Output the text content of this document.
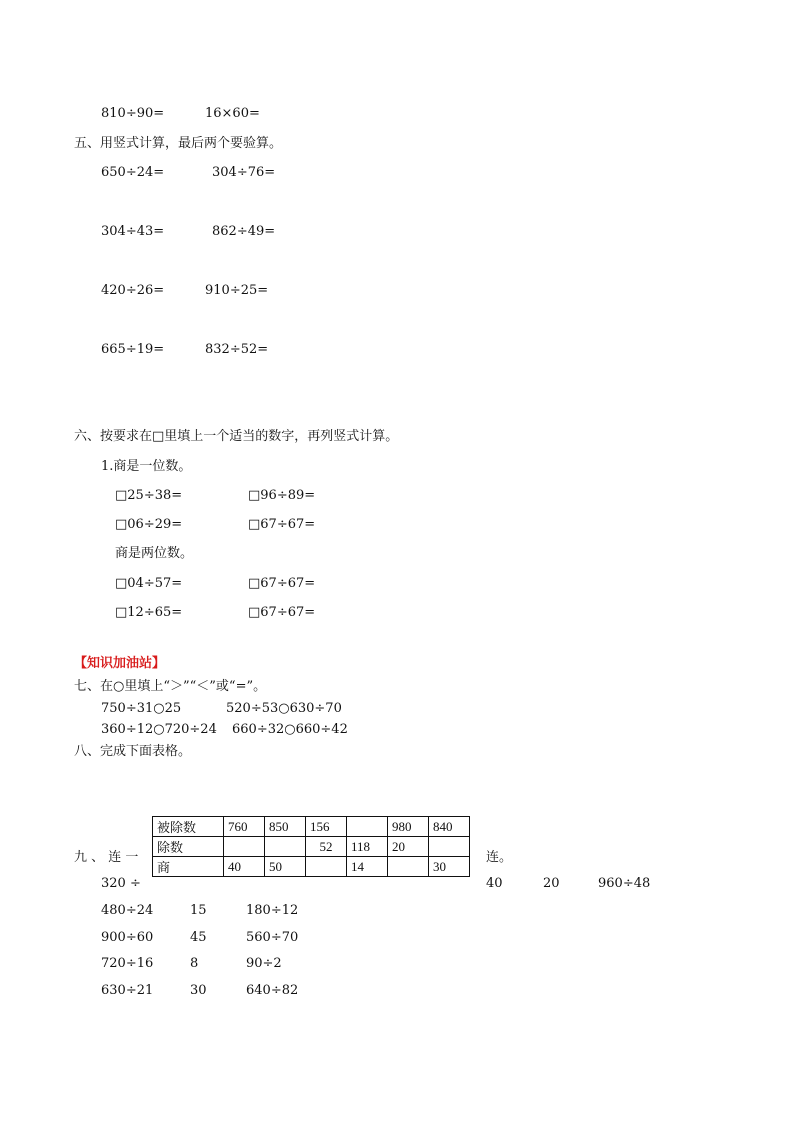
810÷90=	16×60=
五、用竖式计算，最后两个要验算。
650÷24=	304÷76=
304÷43=	862÷49=
420÷26=	910÷25=
665÷19=	832÷52=
六、按要求在□里填上一个适当的数字，再列竖式计算。
1.商是一位数。
□25÷38=	□96÷89=
□06÷29=	□67÷67=
商是两位数。
□04÷57=	□67÷67=
□12÷65=	□67÷67=
【知识加油站】
七、在○里填上“＞”“＜”或“=”。
750÷31○25	520÷53○630÷70
360÷12○720÷24 660÷32○660÷42
八、完成下面表格。
被除数	760	850	156		980	840
除数			52	118	20	
商	40	50		14		30
九 、 连 一	连。
320 ÷	40	20	960÷48
480÷24	15	180÷12
900÷60	45	560÷70
720÷16	8	90÷2
630÷21	30	640÷82
